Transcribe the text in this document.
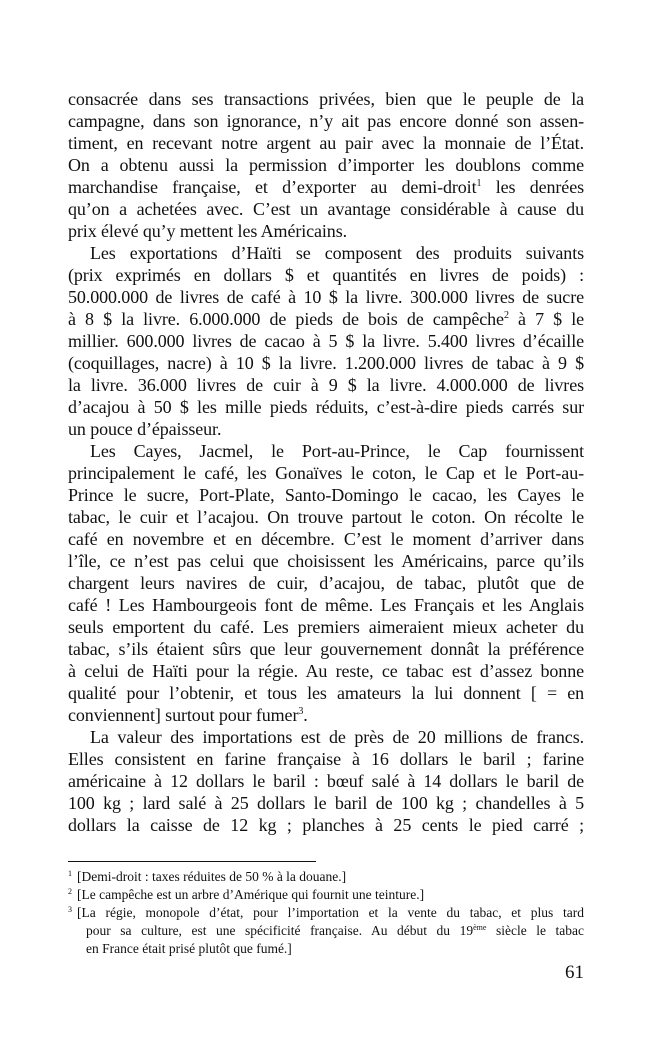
consacrée dans ses transactions privées, bien que le peuple de la
campagne, dans son ignorance, n’y ait pas encore donné son assen-
timent, en recevant notre argent au pair avec la monnaie de l’État.
On a obtenu aussi la permission d’importer les doublons comme
marchandise française, et d’exporter au demi-droit$^1$ les denrées
qu’on a achetées avec. C’est un avantage considérable à cause du
prix élevé qu’y mettent les Américains.
Les exportations d’Haïti se composent des produits suivants
(prix exprimés en dollars $ et quantités en livres de poids) :
50.000.000 de livres de café à 10 $ la livre. 300.000 livres de sucre
à 8 $ la livre. 6.000.000 de pieds de bois de campêche$^2$ à 7 $ le
millier. 600.000 livres de cacao à 5 $ la livre. 5.400 livres d’écaille
(coquillages, nacre) à 10 $ la livre. 1.200.000 livres de tabac à 9 $
la livre. 36.000 livres de cuir à 9 $ la livre. 4.000.000 de livres
d’acajou à 50 $ les mille pieds réduits, c’est-à-dire pieds carrés sur
un pouce d’épaisseur.
Les Cayes, Jacmel, le Port-au-Prince, le Cap fournissent
principalement le café, les Gonaïves le coton, le Cap et le Port-au-
Prince le sucre, Port-Plate, Santo-Domingo le cacao, les Cayes le
tabac, le cuir et l’acajou. On trouve partout le coton. On récolte le
café en novembre et en décembre. C’est le moment d’arriver dans
l’île, ce n’est pas celui que choisissent les Américains, parce qu’ils
chargent leurs navires de cuir, d’acajou, de tabac, plutôt que de
café ! Les Hambourgeois font de même. Les Français et les Anglais
seuls emportent du café. Les premiers aimeraient mieux acheter du
tabac, s’ils étaient sûrs que leur gouvernement donnât la préférence
à celui de Haïti pour la régie. Au reste, ce tabac est d’assez bonne
qualité pour l’obtenir, et tous les amateurs la lui donnent [ = en
conviennent] surtout pour fumer$^3$.
La valeur des importations est de près de 20 millions de francs.
Elles consistent en farine française à 16 dollars le baril ; farine
américaine à 12 dollars le baril : bœuf salé à 14 dollars le baril de
100 kg ; lard salé à 25 dollars le baril de 100 kg ; chandelles à 5
dollars la caisse de 12 kg ; planches à 25 cents le pied carré ;
$^1$ [Demi-droit : taxes réduites de 50 % à la douane.]
$^2$ [Le campêche est un arbre d’Amérique qui fournit une teinture.]
$^3$ [La régie, monopole d’état, pour l’importation et la vente du tabac, et plus tard
pour sa culture, est une spécificité française. Au début du 19ème siècle le tabac
en France était prisé plutôt que fumé.]
61
